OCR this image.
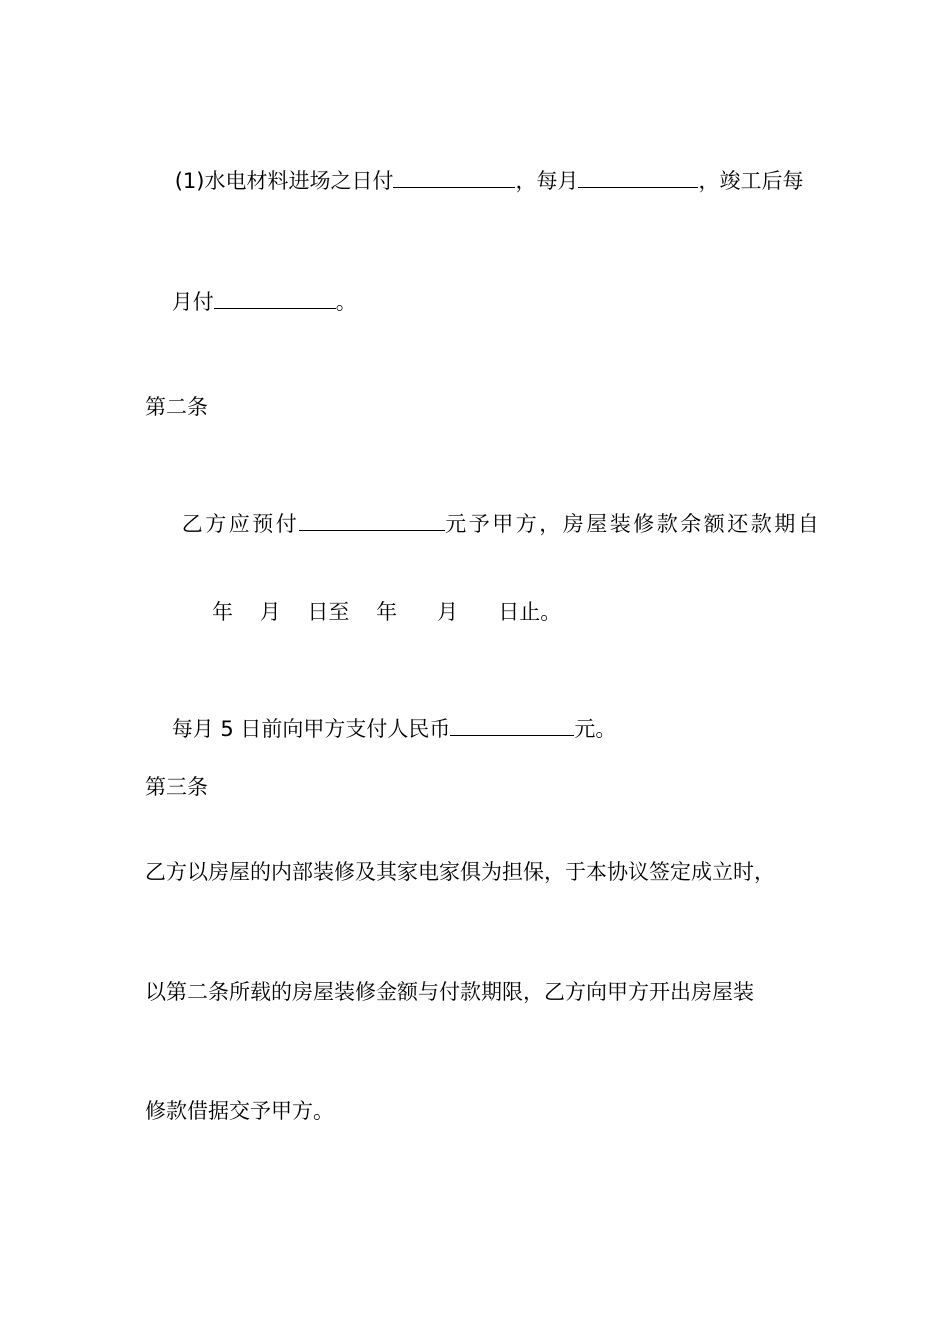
(1)水电材料进场之日付	，每月	，竣工后每

月付	。

第二条

乙方应预付	元予甲方，房屋装修款余额还款期自

年    月    日至    年      月      日止。

每月 5 日前向甲方支付人民币	元。

第三条
乙方以房屋的内部装修及其家电家俱为担保，于本协议签定成立时，
以第二条所载的房屋装修金额与付款期限，乙方向甲方开出房屋装
修款借据交予甲方。
